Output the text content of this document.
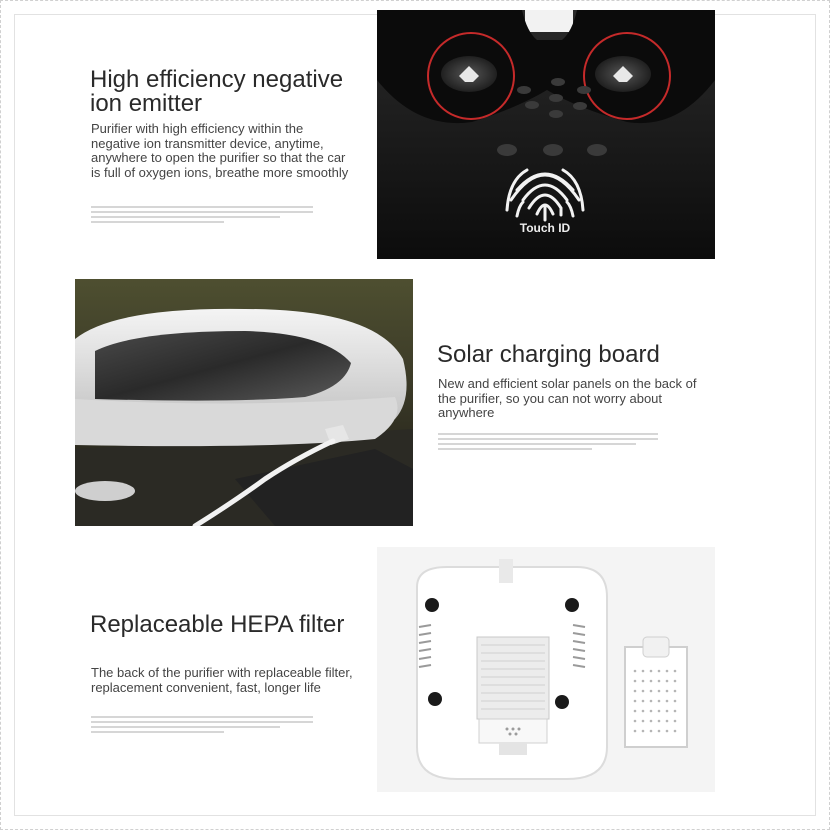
High efficiency negative ion emitter

Purifier with high efficiency within the negative ion transmitter device, anytime, anywhere to open the purifier so that the car is full of oxygen ions, breathe more smoothly

Touch ID
Solar charging board

New and efficient solar panels on the back of the purifier, so you can not worry about anywhere

Replaceable HEPA filter

The back of the purifier with replaceable filter, replacement convenient, fast, longer life
